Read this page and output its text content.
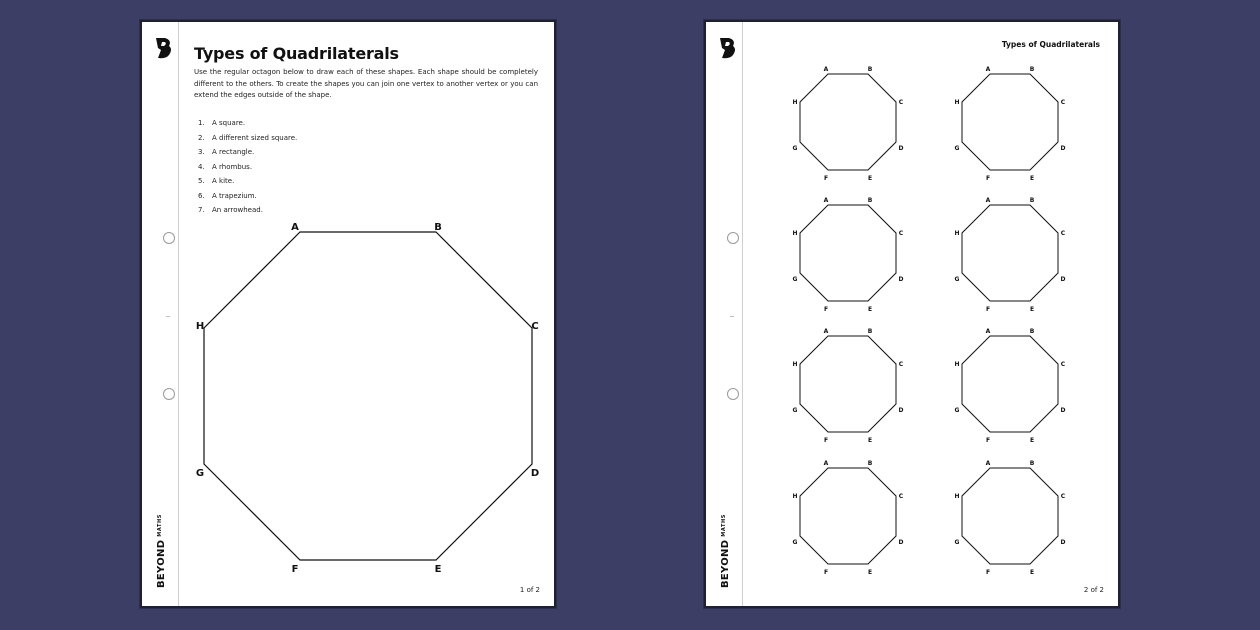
BEYONDMATHS
Types of Quadrilaterals
Use the regular octagon below to draw each of these shapes. Each shape should be completely different to the others. To create the shapes you can join one vertex to another vertex or you can extend the edges outside of the shape.
1. A square.
2. A different sized square.
3. A rectangle.
4. A rhombus.
5. A kite.
6. A trapezium.
7. An arrowhead.
A	B
C
D
E
F
G
H
1 of 2
BEYONDMATHS
Types of Quadrilaterals
A	B
C
D
E
F
G
H
A	B
C
D
E
F
G
H
A	B
C
D
E
F
G
H
A	B
C
D
E
F
G
H
A	B
C
D
E
F
G
H
A	B
C
D
E
F
G
H
A	B
C
D
E
F
G
H
A	B
C
D
E
F
G
H
2 of 2
